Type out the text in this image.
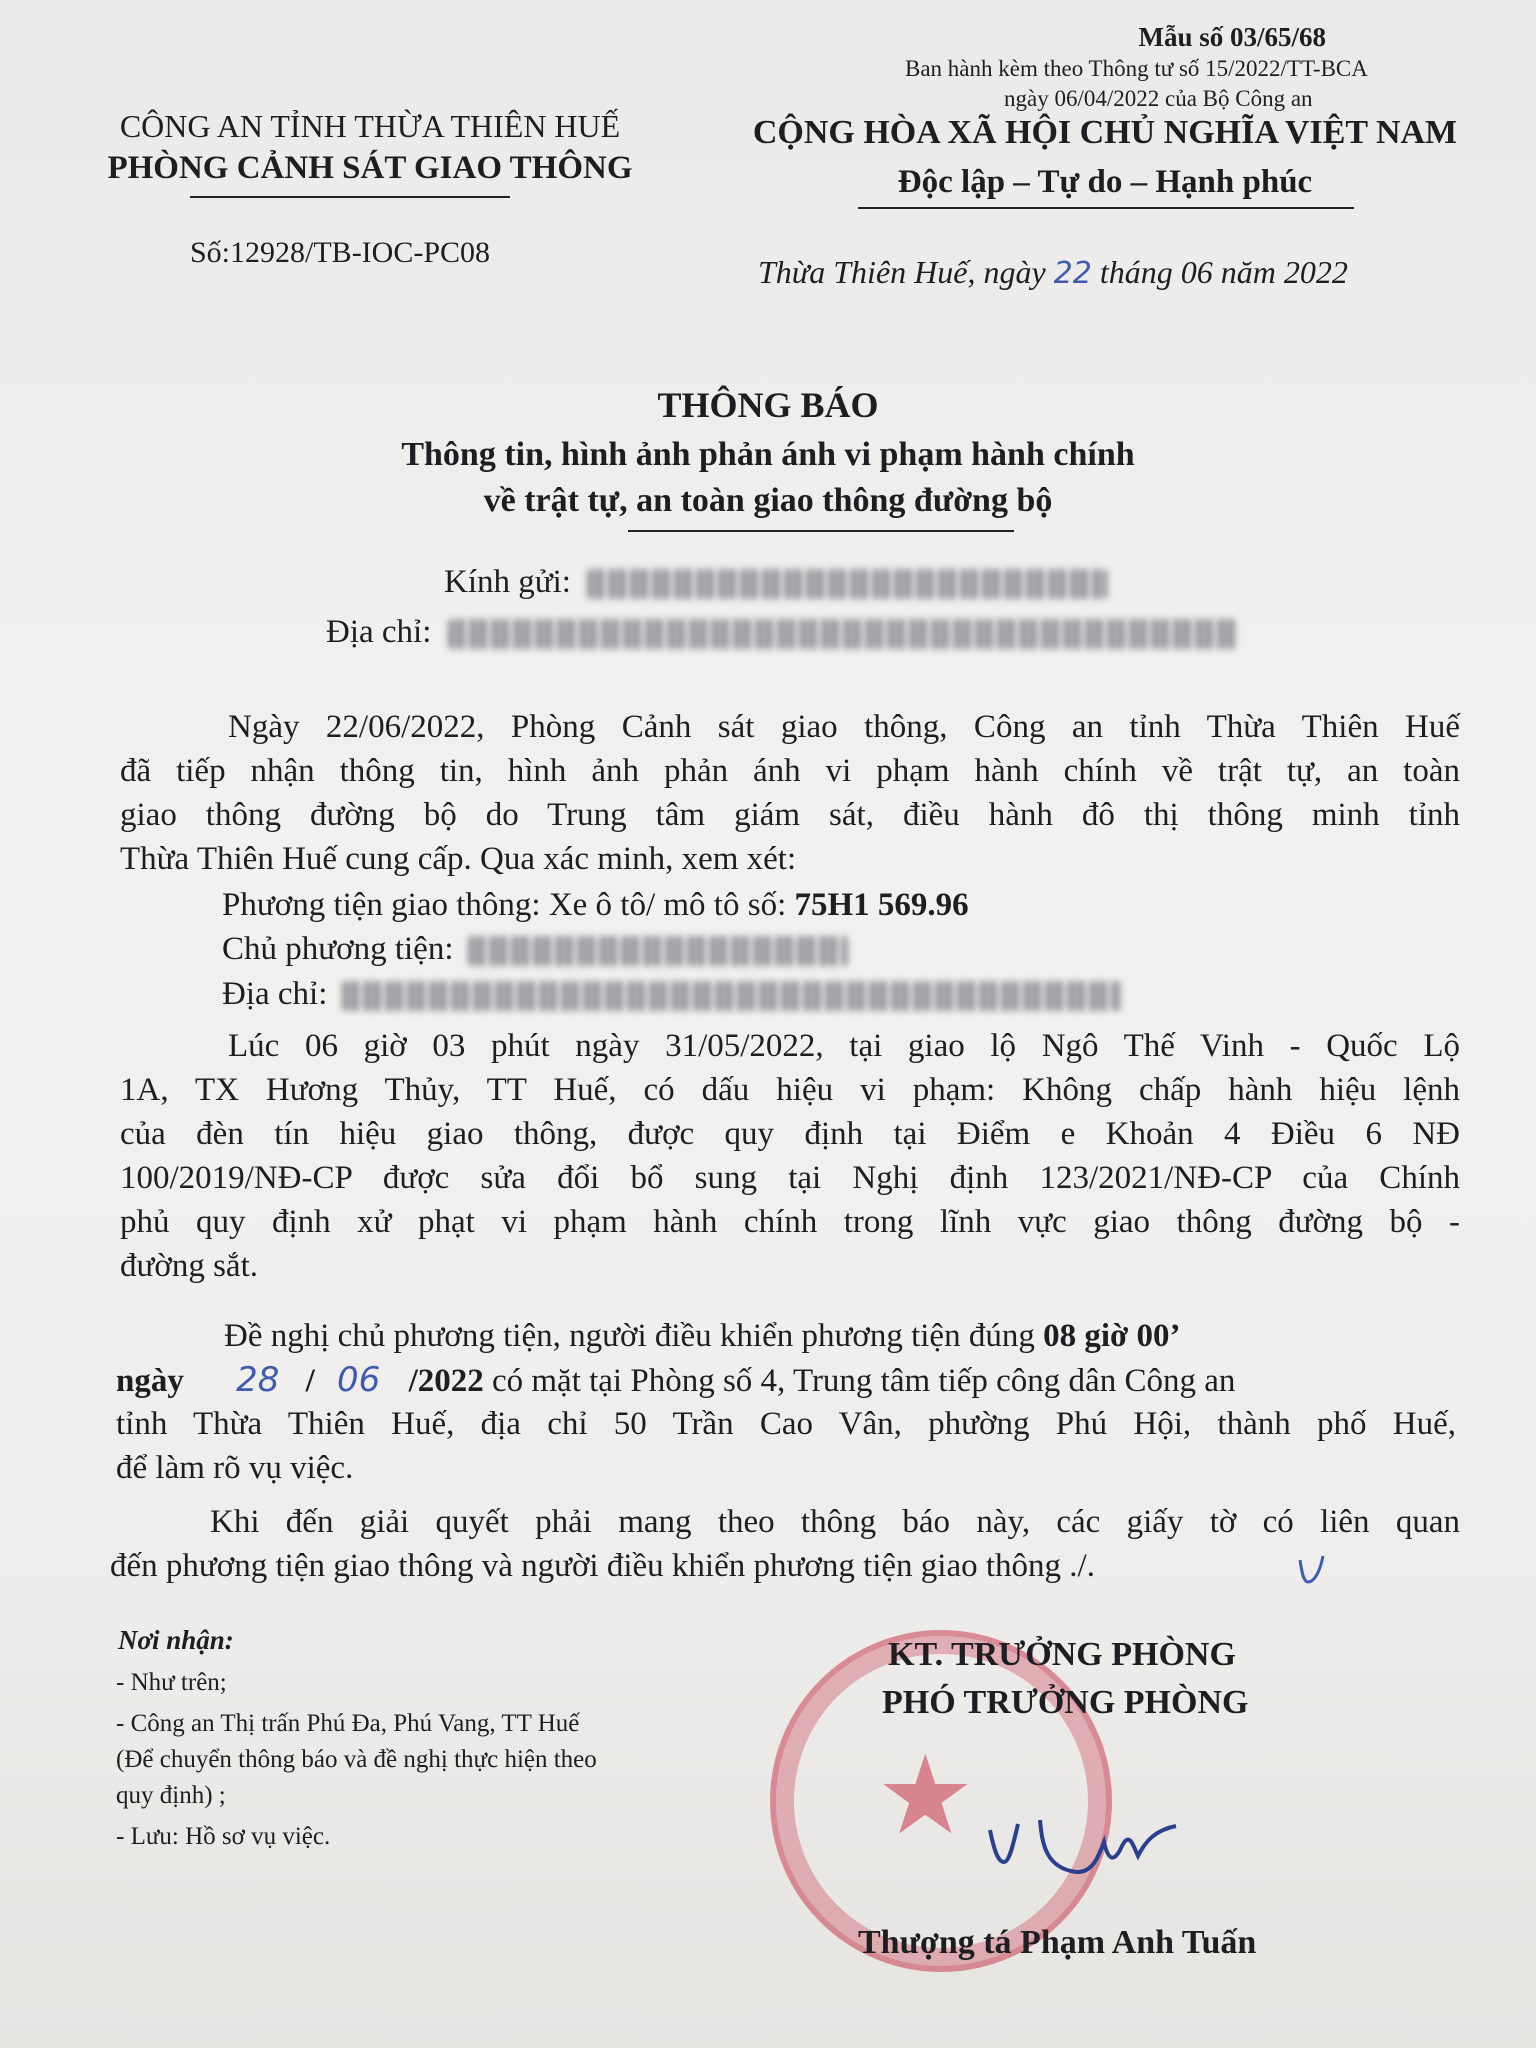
Mẫu số 03/65/68
Ban hành kèm theo Thông tư số 15/2022/TT-BCA
ngày 06/04/2022 của Bộ Công an
CÔNG AN TỈNH THỪA THIÊN HUẾ
PHÒNG CẢNH SÁT GIAO THÔNG
Số:12928/TB-IOC-PC08
CỘNG HÒA XÃ HỘI CHỦ NGHĨA VIỆT NAM
Độc lập – Tự do – Hạnh phúc
Thừa Thiên Huế, ngày 22 tháng 06 năm 2022
THÔNG BÁO
Thông tin, hình ảnh phản ánh vi phạm hành chính
về trật tự, an toàn giao thông đường bộ
Kính gửi:
Địa chỉ:
Ngày 22/06/2022, Phòng Cảnh sát giao thông, Công an tỉnh Thừa Thiên Huế
đã tiếp nhận thông tin, hình ảnh phản ánh vi phạm hành chính về trật tự, an toàn
giao thông đường bộ do Trung tâm giám sát, điều hành đô thị thông minh tỉnh
Thừa Thiên Huế cung cấp. Qua xác minh, xem xét:
Phương tiện giao thông: Xe ô tô/ mô tô số: 75H1 569.96
Chủ phương tiện:
Địa chỉ:
Lúc 06 giờ 03 phút ngày 31/05/2022, tại giao lộ Ngô Thế Vinh - Quốc Lộ
1A, TX Hương Thủy, TT Huế, có dấu hiệu vi phạm: Không chấp hành hiệu lệnh
của đèn tín hiệu giao thông, được quy định tại Điểm e Khoản 4 Điều 6 NĐ
100/2019/NĐ-CP được sửa đổi bổ sung tại Nghị định 123/2021/NĐ-CP của Chính
phủ quy định xử phạt vi phạm hành chính trong lĩnh vực giao thông đường bộ -
đường sắt.
Đề nghị chủ phương tiện, người điều khiển phương tiện đúng 08 giờ 00’
ngày 28 / 06 /2022 có mặt tại Phòng số 4, Trung tâm tiếp công dân Công an
tỉnh Thừa Thiên Huế, địa chỉ 50 Trần Cao Vân, phường Phú Hội, thành phố Huế,
để làm rõ vụ việc.
Khi đến giải quyết phải mang theo thông báo này, các giấy tờ có liên quan
đến phương tiện giao thông và người điều khiển phương tiện giao thông ./.
Nơi nhận:
- Như trên;
- Công an Thị trấn Phú Đa, Phú Vang, TT Huế
(Để chuyển thông báo và đề nghị thực hiện theo
quy định) ;
- Lưu: Hồ sơ vụ việc.	★
KT. TRƯỞNG PHÒNG
PHÓ TRƯỞNG PHÒNG
Thượng tá Phạm Anh Tuấn
